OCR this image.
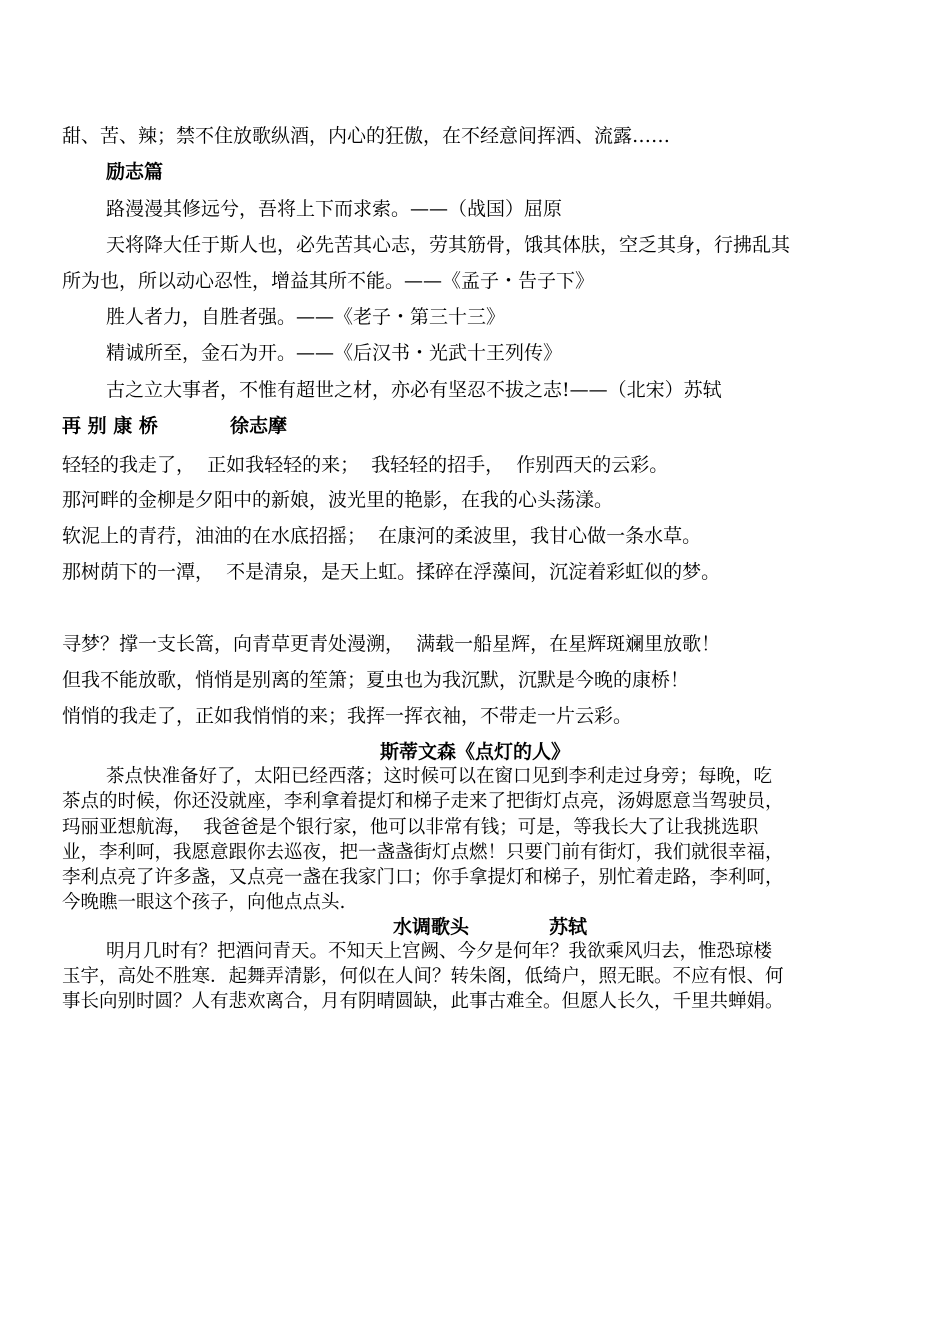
甜、苦、辣；禁不住放歌纵酒，内心的狂傲，在不经意间挥洒、流露……
励志篇
路漫漫其修远兮，吾将上下而求索。——（战国）屈原
天将降大任于斯人也，必先苦其心志，劳其筋骨，饿其体肤，空乏其身，行拂乱其
所为也，所以动心忍性，增益其所不能。——《孟子・告子下》
胜人者力，自胜者强。——《老子・第三十三》
精诚所至，金石为开。——《后汉书・光武十王列传》
古之立大事者，不惟有超世之材，亦必有坚忍不拔之志!——（北宋）苏轼
再 别 康 桥	徐志摩
轻轻的我走了，  正如我轻轻的来；  我轻轻的招手，  作别西天的云彩。
那河畔的金柳是夕阳中的新娘，波光里的艳影，在我的心头荡漾。
软泥上的青荇，油油的在水底招摇；  在康河的柔波里，我甘心做一条水草。
那树荫下的一潭，  不是清泉，是天上虹。揉碎在浮藻间，沉淀着彩虹似的梦。
寻梦？撑一支长篙，向青草更青处漫溯，  满载一船星辉，在星辉斑斓里放歌！
但我不能放歌，悄悄是别离的笙箫；夏虫也为我沉默，沉默是今晚的康桥！
悄悄的我走了，正如我悄悄的来；我挥一挥衣袖，不带走一片云彩。
斯蒂文森《点灯的人》
茶点快准备好了，太阳已经西落；这时候可以在窗口见到李利走过身旁；每晚，吃
茶点的时候，你还没就座，李利拿着提灯和梯子走来了把街灯点亮，汤姆愿意当驾驶员，
玛丽亚想航海，  我爸爸是个银行家，他可以非常有钱；可是，等我长大了让我挑选职
业，李利呵，我愿意跟你去巡夜，把一盏盏街灯点燃！只要门前有街灯，我们就很幸福，
李利点亮了许多盏，又点亮一盏在我家门口；你手拿提灯和梯子，别忙着走路，李利呵，
今晚瞧一眼这个孩子，向他点点头.
水调歌头	苏轼
明月几时有？把酒问青天。不知天上宫阙、今夕是何年？我欲乘风归去，惟恐琼楼
玉宇，高处不胜寒．起舞弄清影，何似在人间？转朱阁，低绮户，照无眠。不应有恨、何
事长向别时圆？人有悲欢离合，月有阴晴圆缺，此事古难全。但愿人长久，千里共蝉娟。
